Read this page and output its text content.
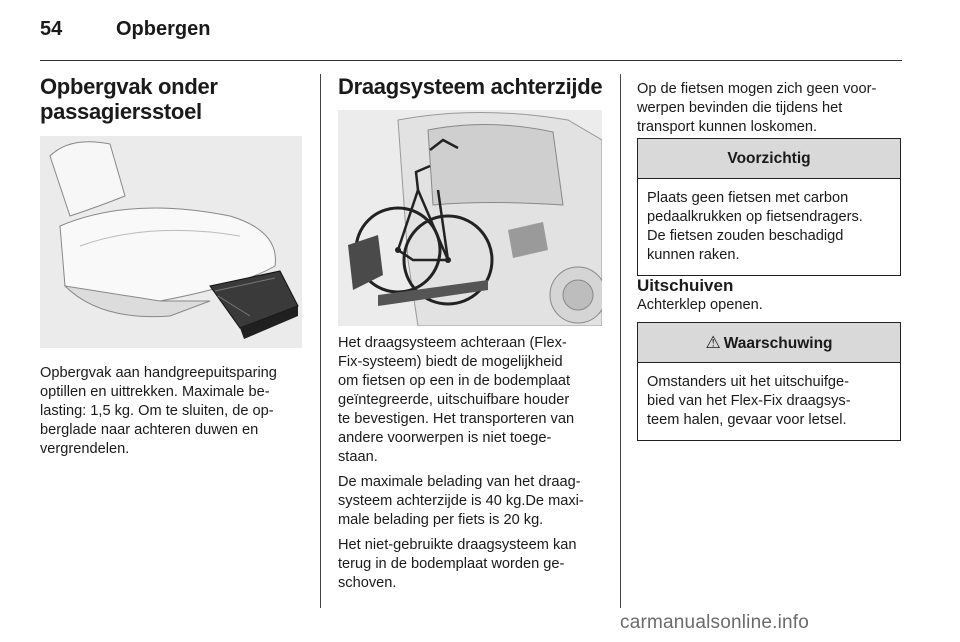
54	Opbergen
Opbergvak onder
passagiersstoel

Opbergvak aan handgreepuitsparing

optillen en uittrekken. Maximale be-

lasting: 1,5 kg. Om te sluiten, de op-

berglade naar achteren duwen en

vergrendelen.

Draagsysteem achterzijde

Het draagsysteem achteraan (Flex-

Fix-systeem) biedt de mogelijkheid

om fietsen op een in de bodemplaat

geïntegreerde, uitschuifbare houder

te bevestigen. Het transporteren van

andere voorwerpen is niet toege-

staan.

De maximale belading van het draag-

systeem achterzijde is 40 kg.De maxi-

male belading per fiets is 20 kg.

Het niet-gebruikte draagsysteem kan

terug in de bodemplaat worden ge-

schoven.

Op de fietsen mogen zich geen voor-

werpen bevinden die tijdens het

transport kunnen loskomen.

Voorzichtig

Plaats geen fietsen met carbon

pedaalkrukken op fietsendragers.

De fietsen zouden beschadigd

kunnen raken.

Uitschuiven

Achterklep openen.

⚠ Waarschuwing

Omstanders uit het uitschuifge-

bied van het Flex-Fix draagsys-

teem halen, gevaar voor letsel.

carmanualsonline.info
